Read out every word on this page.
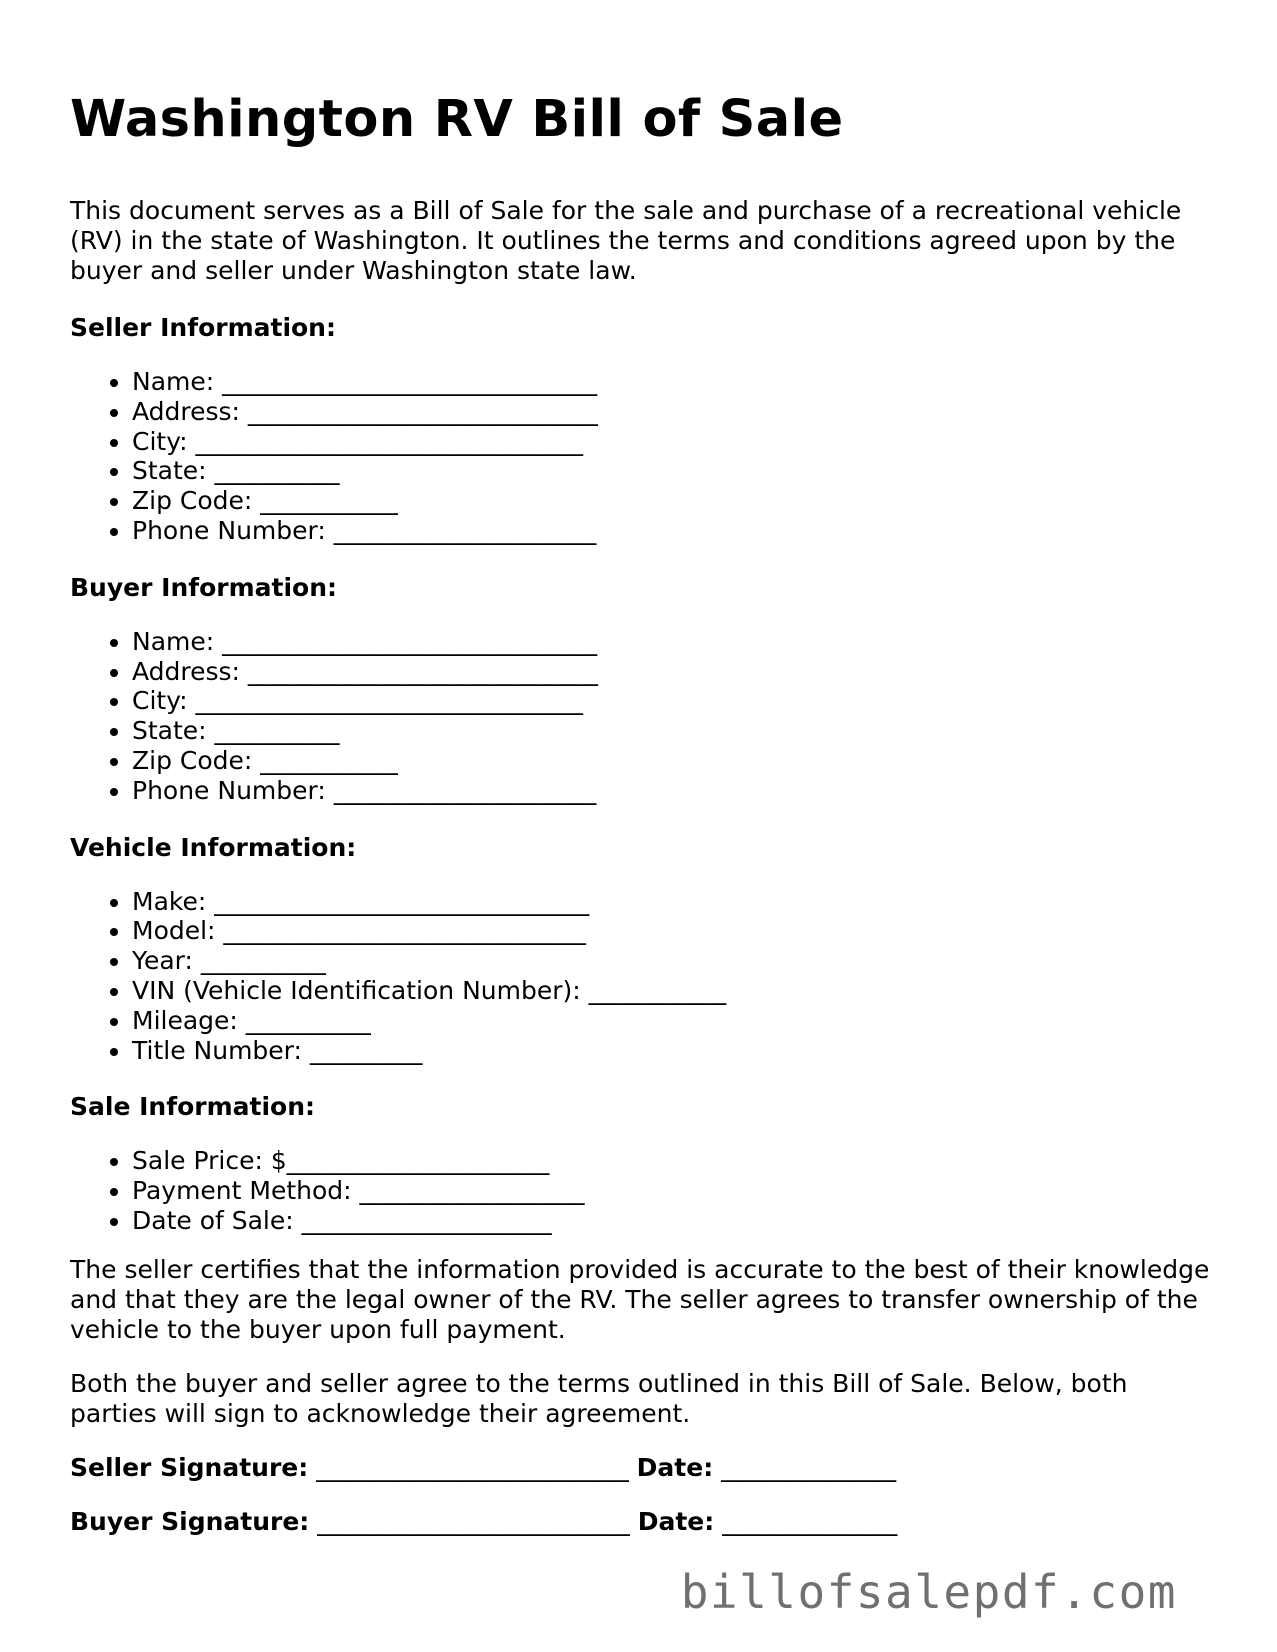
Washington RV Bill of Sale

This document serves as a Bill of Sale for the sale and purchase of a recreational vehicle (RV) in the state of Washington. It outlines the terms and conditions agreed upon by the buyer and seller under Washington state law.

Seller Information:
• Name: ______________________________
• Address: ____________________________
• City: _______________________________
• State: __________
• Zip Code: ___________
• Phone Number: _____________________
Buyer Information:
• Name: ______________________________
• Address: ____________________________
• City: _______________________________
• State: __________
• Zip Code: ___________
• Phone Number: _____________________
Vehicle Information:
• Make: ______________________________
• Model: _____________________________
• Year: __________
• VIN (Vehicle Identification Number): ___________
• Mileage: __________
• Title Number: _________
Sale Information:
• Sale Price: $_____________________
• Payment Method: __________________
• Date of Sale: ____________________

The seller certifies that the information provided is accurate to the best of their knowledge and that they are the legal owner of the RV. The seller agrees to transfer ownership of the vehicle to the buyer upon full payment.

Both the buyer and seller agree to the terms outlined in this Bill of Sale. Below, both parties will sign to acknowledge their agreement.

Seller Signature: _________________________ Date: ______________
Buyer Signature: _________________________ Date: ______________
billofsalepdf.com
